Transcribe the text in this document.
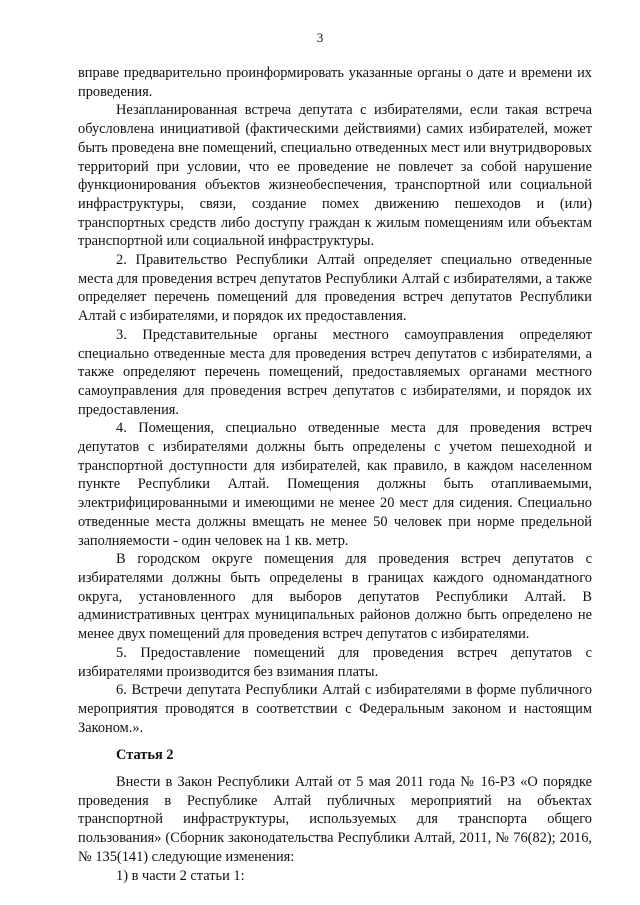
3

вправе предварительно проинформировать указанные органы о дате и времени их проведения.

Незапланированная встреча депутата с избирателями, если такая встреча обусловлена инициативой (фактическими действиями) самих избирателей, может быть проведена вне помещений, специально отведенных мест или внутридворовых территорий при условии, что ее проведение не повлечет за собой нарушение функционирования объектов жизнеобеспечения, транспортной или социальной инфраструктуры, связи, создание помех движению пешеходов и (или) транспортных средств либо доступу граждан к жилым помещениям или объектам транспортной или социальной инфраструктуры.

2. Правительство Республики Алтай определяет специально отведенные места для проведения встреч депутатов Республики Алтай с избирателями, а также определяет перечень помещений для проведения встреч депутатов Республики Алтай с избирателями, и порядок их предоставления.

3. Представительные органы местного самоуправления определяют специально отведенные места для проведения встреч депутатов с избирателями, а также определяют перечень помещений, предоставляемых органами местного самоуправления для проведения встреч депутатов с избирателями, и порядок их предоставления.

4. Помещения, специально отведенные места для проведения встреч депутатов с избирателями должны быть определены с учетом пешеходной и транспортной доступности для избирателей, как правило, в каждом населенном пункте Республики Алтай. Помещения должны быть отапливаемыми, электрифицированными и имеющими не менее 20 мест для сидения. Специально отведенные места должны вмещать не менее 50 человек при норме предельной заполняемости - один человек на 1 кв. метр.

В городском округе помещения для проведения встреч депутатов с избирателями должны быть определены в границах каждого одномандатного округа, установленного для выборов депутатов Республики Алтай. В административных центрах муниципальных районов должно быть определено не менее двух помещений для проведения встреч депутатов с избирателями.

5. Предоставление помещений для проведения встреч депутатов с избирателями производится без взимания платы.

6. Встречи депутата Республики Алтай с избирателями в форме публичного мероприятия проводятся в соответствии с Федеральным законом и настоящим Законом.».

Статья 2

Внести в Закон Республики Алтай от 5 мая 2011 года № 16-РЗ «О порядке проведения в Республике Алтай публичных мероприятий на объектах транспортной инфраструктуры, используемых для транспорта общего пользования» (Сборник законодательства Республики Алтай, 2011, № 76(82); 2016, № 135(141) следующие изменения:

1) в части 2 статьи 1:
